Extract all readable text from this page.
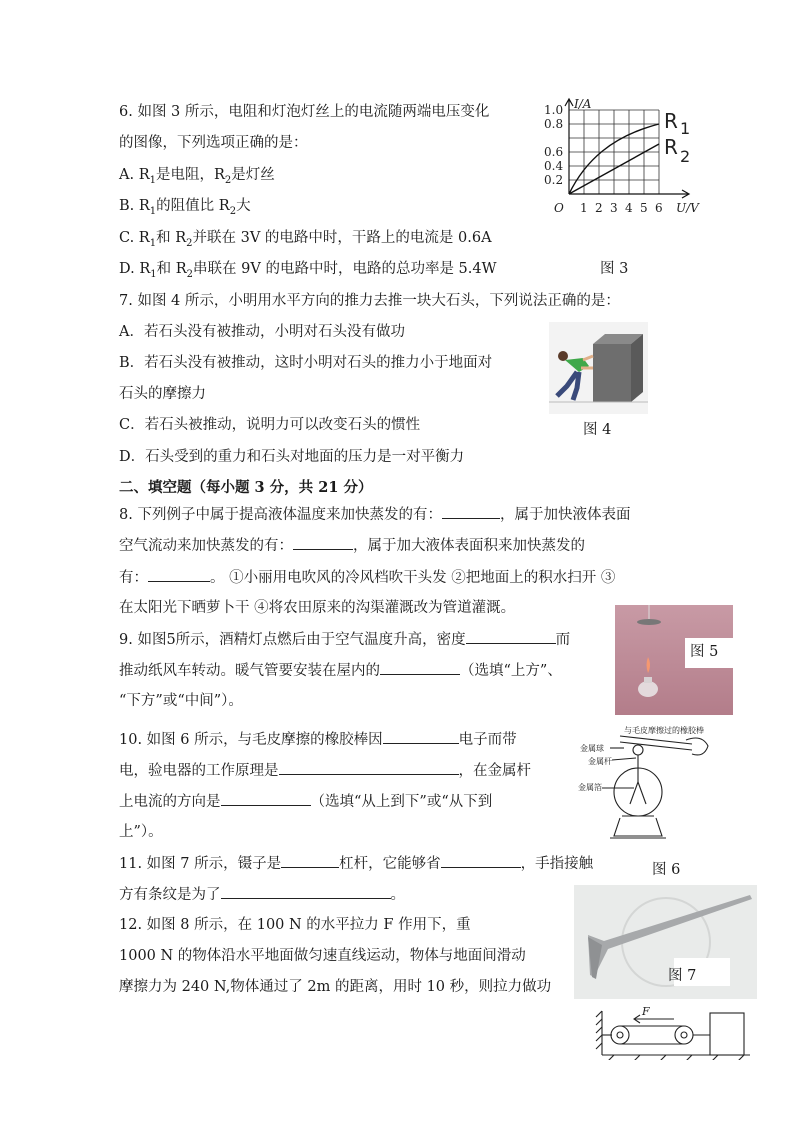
6. 如图 3 所示，电阻和灯泡灯丝上的电流随两端电压变化
的图像，下列选项正确的是：
A. $R_1$是电阻，$R_2$是灯丝
B. $R_1$的阻值比 $R_2$大
C. $R_1$和 $R_2$并联在 3V 的电路中时，干路上的电流是 0.6A
D. $R_1$和 $R_2$串联在 9V 的电路中时，电路的总功率是 5.4W
1.0
0.8
0.6
0.4
0.2
1 2 3 4 5 6
O
I/A
U/V
R 1
R 2
图 3
7. 如图 4 所示，小明用水平方向的推力去推一块大石头，下列说法正确的是：
A．若石头没有被推动，小明对石头没有做功
B．若石头没有被推动，这时小明对石头的推力小于地面对
石头的摩擦力
C．若石头被推动，说明力可以改变石头的惯性
D．石头受到的重力和石头对地面的压力是一对平衡力
图 4
二、填空题（每小题 3 分，共 21 分）
8. 下列例子中属于提高液体温度来加快蒸发的有：	，属于加快液体表面
空气流动来加快蒸发的有：	，属于加大液体表面积来加快蒸发的
有：	。 ①小丽用电吹风的冷风档吹干头发 ②把地面上的积水扫开 ③
在太阳光下晒萝卜干 ④将农田原来的沟渠灌溉改为管道灌溉。
9. 如图5所示，酒精灯点燃后由于空气温度升高，密度	而
推动纸风车转动。暖气管要安装在屋内的	（选填“上方”、
“下方”或“中间”）。
图 5
10. 如图 6 所示，与毛皮摩擦的橡胶棒因	电子而带
电，验电器的工作原理是	，在金属杆
上电流的方向是	（选填“从上到下”或“从下到
上”）。
与毛皮摩擦过的橡胶棒
金属球
金属杆
金属箔
图 6
11. 如图 7 所示，镊子是	杠杆，它能够省	，手指接触
方有条纹是为了	。
图 7
12. 如图 8 所示，在 100 N 的水平拉力 F 作用下，重
1000 N 的物体沿水平地面做匀速直线运动，物体与地面间滑动
摩擦力为 240 N,物体通过了 2m 的距离，用时 10 秒，则拉力做功
F
